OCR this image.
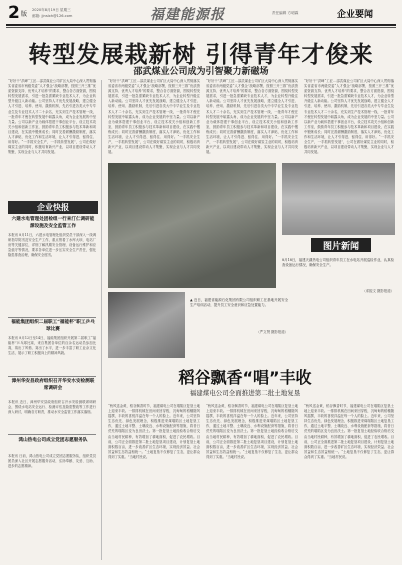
2 版
2020年8月19日 星期三
邮箱: jjnslxh@126.com	福建能源报	责任编辑 方明霖	企业要闻
转型发展栽新树 引得青年才俊来
邵武煤业公司成为引智聚力新磁场
“好好干”洪峰“工匠…邵武煤业公司矿区大局中心深入贯彻落实省委省市两级党委“人才强企”战略部署，按照三开三推“优质资源支持、优秀人才培养”的要求，整合各方面资源，围绕转型发展需求，引进一批急需紧缺专业技术人才，为企业转型升级注入新动能。公司坚持人才优先发展战略，建立健全人才引进、培养、使用、激励机制，先后引进各类大中专毕业生及专业技术人才二十余名，充实到生产技术管理一线，一批青年才俊在转型发展中崭露头角，成为企业发展的中坚力量。公司以新产业为载体搭建干事创业平台，设立技术攻关小组和创新工作室，鼓励青年员工积极参与技术革新和项目建设，在实践中锻炼成长；同时完善薪酬激励制度，落实人才津贴，优化工作和生活环境，让人才引得进、留得住、用得好。“一手抓安全生产，一手抓转型发展”，公司在做好煤炭主业的同时，积极培育新兴产业，以项目建设带动人才集聚，实现企业与人才共同发展。
“好好干”洪峰“工匠…邵武煤业公司矿区大局中心深入贯彻落实省委省市两级党委“人才强企”战略部署，按照三开三推“优质资源支持、优秀人才培养”的要求，整合各方面资源，围绕转型发展需求，引进一批急需紧缺专业技术人才，为企业转型升级注入新动能。公司坚持人才优先发展战略，建立健全人才引进、培养、使用、激励机制，先后引进各类大中专毕业生及专业技术人才二十余名，充实到生产技术管理一线，一批青年才俊在转型发展中崭露头角，成为企业发展的中坚力量。公司以新产业为载体搭建干事创业平台，设立技术攻关小组和创新工作室，鼓励青年员工积极参与技术革新和项目建设，在实践中锻炼成长；同时完善薪酬激励制度，落实人才津贴，优化工作和生活环境，让人才引得进、留得住、用得好。“一手抓安全生产，一手抓转型发展”，公司在做好煤炭主业的同时，积极培育新兴产业，以项目建设带动人才集聚，实现企业与人才共同发展。
“好好干”洪峰“工匠…邵武煤业公司矿区大局中心深入贯彻落实省委省市两级党委“人才强企”战略部署，按照三开三推“优质资源支持、优秀人才培养”的要求，整合各方面资源，围绕转型发展需求，引进一批急需紧缺专业技术人才，为企业转型升级注入新动能。公司坚持人才优先发展战略，建立健全人才引进、培养、使用、激励机制，先后引进各类大中专毕业生及专业技术人才二十余名，充实到生产技术管理一线，一批青年才俊在转型发展中崭露头角，成为企业发展的中坚力量。公司以新产业为载体搭建干事创业平台，设立技术攻关小组和创新工作室，鼓励青年员工积极参与技术革新和项目建设，在实践中锻炼成长；同时完善薪酬激励制度，落实人才津贴，优化工作和生活环境，让人才引得进、留得住、用得好。“一手抓安全生产，一手抓转型发展”，公司在做好煤炭主业的同时，积极培育新兴产业，以项目建设带动人才集聚，实现企业与人才共同发展。
“好好干”洪峰“工匠…邵武煤业公司矿区大局中心深入贯彻落实省委省市两级党委“人才强企”战略部署，按照三开三推“优质资源支持、优秀人才培养”的要求，整合各方面资源，围绕转型发展需求，引进一批急需紧缺专业技术人才，为企业转型升级注入新动能。公司坚持人才优先发展战略，建立健全人才引进、培养、使用、激励机制，先后引进各类大中专毕业生及专业技术人才二十余名，充实到生产技术管理一线，一批青年才俊在转型发展中崭露头角，成为企业发展的中坚力量。公司以新产业为载体搭建干事创业平台，设立技术攻关小组和创新工作室，鼓励青年员工积极参与技术革新和项目建设，在实践中锻炼成长；同时完善薪酬激励制度，落实人才津贴，优化工作和生活环境，让人才引得进、留得住、用得好。“一手抓安全生产，一手抓转型发展”，公司在做好煤炭主业的同时，积极培育新兴产业，以项目建设带动人才集聚，实现企业与人才共同发展。
企业快报
六建水电管理处团检组一行来汀仁调研能源设施及安全监管工作
本报讯 8月11日，六建水电管理处组织党员干部深入一线调研指导防汛及安全生产工作，重点察看了水库大坝、电站厂房等关键部位，详细了解汛期安全管理、设备运行维护和应急值守等情况，要求各单位进一步压实安全生产责任，强化隐患排查治理，确保安全度汛。
福能集团组织二届职工“福能杯”职工乒乓球比赛
本报讯 8月12日至14日，福能集团组织开展第二届职工“福能杯”乒乓球比赛，来自集团各单位的百余名运动员参加比赛，赛出了风格、赛出了水平，进一步丰富了职工业余文化生活，展示了职工积极向上的精神风貌。
漳州华安县政府组织召开华安水安检测联席调研会
本报讯 近日，漳州华安县政府组织召开水安检测联席调研会，围绕水电站安全运行、检测评估及隐患整改等工作进行深入研讨，明确各方职责，推动水安全监管工作落实落细。
鸿山热电公司成立党团志愿服务队
本报讯 日前，鸿山热电公司成立党团志愿服务队，组织党员团员深入社区开展志愿服务活动，弘扬奉献、友爱、互助、进步的志愿精神。
图片新闻
8月18日，福建天湖热电公司组织青年员工在水电站开展巡检作业，认真检查设备运行情况，确保安全生产。
（邓振文 摄影报道）
▲ 近日，福建省能源石化集团有限公司组织职工在基地开展安全生产培训活动，提升员工安全意识和应急处置能力。
（严文贤 摄影报道）
稻谷飘香“唱”丰收
福建煤电公司全面推进第二批土地复垦
“秋风送金黄，稻谷飘香时节，福建煤电公司在塌陷区复垦土地上迎来丰收。一排排机械在田间来回穿梭，沉甸甸的稻穗随风摇摆，丰收的喜悦洋溢在每一个人的脸上。近年来，公司坚持生态优先、绿色发展理念，积极推进采煤塌陷区土地复垦工作，通过土地平整、土壤改良、水利设施配套等措施，将昔日荒芜的塌陷区变为良田沃土。第一批复垦土地经验收合格后交由当地村民耕种，有效增加了耕地面积，促进了农民增收。目前，公司正全面推进第二批土地复垦项目建设，计划复垦土地面积数百亩，进一步改善矿区生态环境，实现经济效益、社会效益和生态效益相统一。“土地复垦不仅修复了生态，更让群众得到了实惠。”当地村民说。
“秋风送金黄，稻谷飘香时节，福建煤电公司在塌陷区复垦土地上迎来丰收。一排排机械在田间来回穿梭，沉甸甸的稻穗随风摇摆，丰收的喜悦洋溢在每一个人的脸上。近年来，公司坚持生态优先、绿色发展理念，积极推进采煤塌陷区土地复垦工作，通过土地平整、土壤改良、水利设施配套等措施，将昔日荒芜的塌陷区变为良田沃土。第一批复垦土地经验收合格后交由当地村民耕种，有效增加了耕地面积，促进了农民增收。目前，公司正全面推进第二批土地复垦项目建设，计划复垦土地面积数百亩，进一步改善矿区生态环境，实现经济效益、社会效益和生态效益相统一。“土地复垦不仅修复了生态，更让群众得到了实惠。”当地村民说。
“秋风送金黄，稻谷飘香时节，福建煤电公司在塌陷区复垦土地上迎来丰收。一排排机械在田间来回穿梭，沉甸甸的稻穗随风摇摆，丰收的喜悦洋溢在每一个人的脸上。近年来，公司坚持生态优先、绿色发展理念，积极推进采煤塌陷区土地复垦工作，通过土地平整、土壤改良、水利设施配套等措施，将昔日荒芜的塌陷区变为良田沃土。第一批复垦土地经验收合格后交由当地村民耕种，有效增加了耕地面积，促进了农民增收。目前，公司正全面推进第二批土地复垦项目建设，计划复垦土地面积数百亩，进一步改善矿区生态环境，实现经济效益、社会效益和生态效益相统一。“土地复垦不仅修复了生态，更让群众得到了实惠。”当地村民说。
